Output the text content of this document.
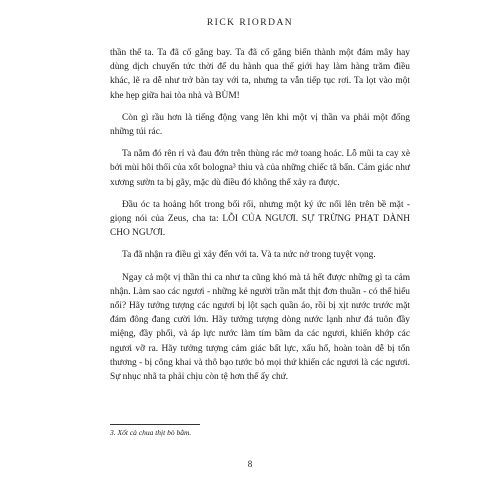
RICK RIORDAN

thần thể ta. Ta đã cố gắng bay. Ta đã cố gắng biến thành một đám mây hay dùng dịch chuyển tức thời để du hành qua thế giới hay làm hàng trăm điều khác, lẽ ra dễ như trở bàn tay với ta, nhưng ta vẫn tiếp tục rơi. Ta lọt vào một khe hẹp giữa hai tòa nhà và BÙM!

Còn gì rầu hơn là tiếng động vang lên khi một vị thần va phải một đống những túi rác.

Ta nằm đó rên rỉ và đau đớn trên thùng rác mở toang hoác. Lỗ mũi ta cay xè bởi mùi hôi thối của xốt bologna³ thiu và của những chiếc tã bẩn. Cảm giác như xương sườn ta bị gãy, mặc dù điều đó không thể xảy ra được.

Đầu óc ta hoảng hốt trong bối rối, nhưng một ký ức nổi lên trên bề mặt - giọng nói của Zeus, cha ta: LỖI CỦA NGƯƠI. SỰ TRỪNG PHẠT DÀNH CHO NGƯƠI.

Ta đã nhận ra điều gì xảy đến với ta. Và ta nức nở trong tuyệt vọng.

Ngay cả một vị thần thi ca như ta cũng khó mà tả hết được những gì ta cảm nhận. Làm sao các ngươi - những kẻ người trần mắt thịt đơn thuần - có thể hiểu nổi? Hãy tưởng tượng các ngươi bị lột sạch quần áo, rồi bị xịt nước trước mặt đám đông đang cười lớn. Hãy tưởng tượng dòng nước lạnh như đá tuôn đầy miệng, đầy phổi, và áp lực nước làm tím bầm da các ngươi, khiến khớp các ngươi vỡ ra. Hãy tưởng tượng cảm giác bất lực, xấu hổ, hoàn toàn dễ bị tổn thương - bị công khai và thô bạo tước bỏ mọi thứ khiến các ngươi là các ngươi. Sự nhục nhã ta phải chịu còn tệ hơn thế ấy chứ.

3. Xốt cà chua thịt bò bằm.
8
